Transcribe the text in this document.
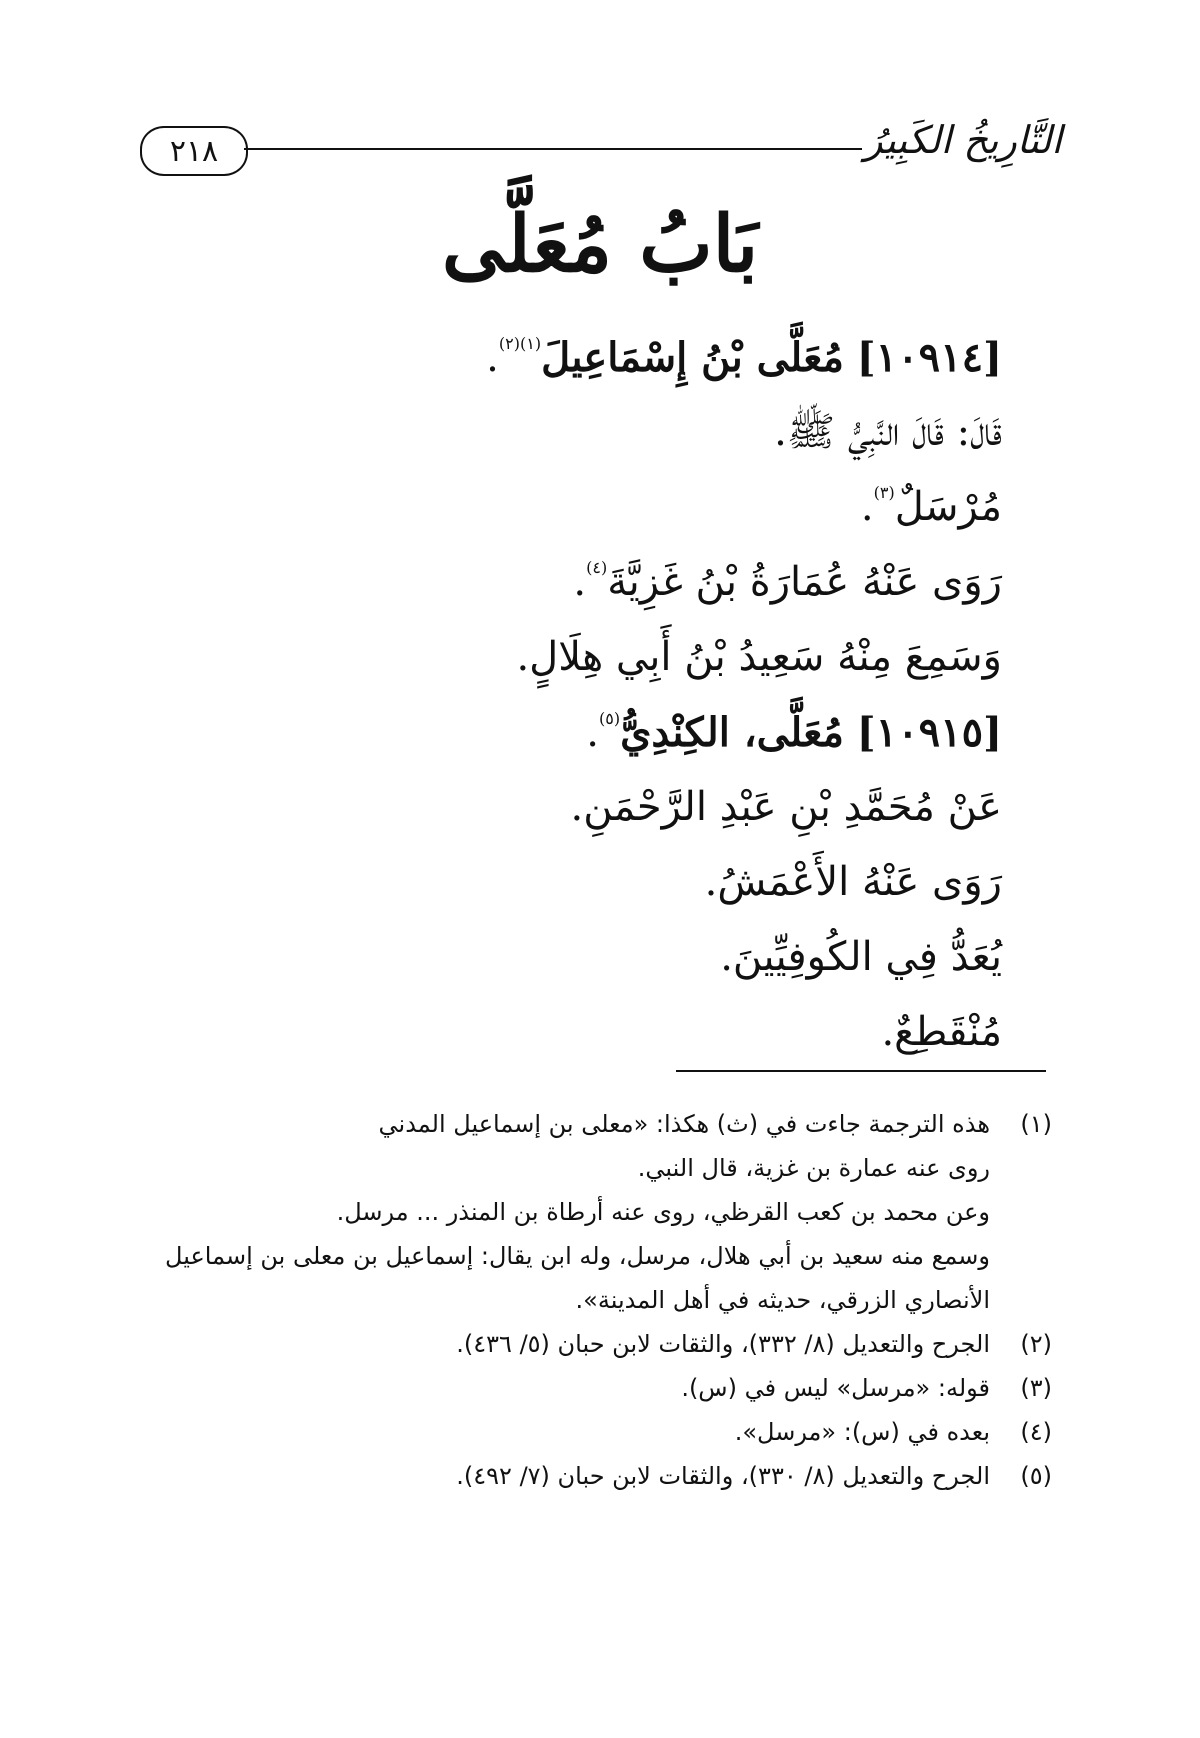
٢١٨	التَّارِيخُ الكَبِيرُ
بَابُ مُعَلَّى
[١٠٩١٤] مُعَلَّى بْنُ إِسْمَاعِيلَ$^{(١)(٢)}$.
قَالَ: قَالَ النَّبِيُّ ﷺ.
مُرْسَلٌ$^{(٣)}$.
رَوَى عَنْهُ عُمَارَةُ بْنُ غَزِيَّةَ$^{(٤)}$.
وَسَمِعَ مِنْهُ سَعِيدُ بْنُ أَبِي هِلَالٍ.
[١٠٩١٥] مُعَلَّى، الكِنْدِيُّ$^{(٥)}$.
عَنْ مُحَمَّدِ بْنِ عَبْدِ الرَّحْمَنِ.
رَوَى عَنْهُ الأَعْمَشُ.
يُعَدُّ فِي الكُوفِيِّينَ.
مُنْقَطِعٌ.
(١)
هذه الترجمة جاءت في (ث) هكذا: «معلى بن إسماعيل المدني
روى عنه عمارة بن غزية، قال النبي.
وعن محمد بن كعب القرظي، روى عنه أرطاة بن المنذر ... مرسل.
وسمع منه سعيد بن أبي هلال، مرسل، وله ابن يقال: إسماعيل بن معلى بن إسماعيل
الأنصاري الزرقي، حديثه في أهل المدينة».
(٢)
الجرح والتعديل (٨/ ٣٣٢)، والثقات لابن حبان (٥/ ٤٣٦).
(٣)
قوله: «مرسل» ليس في (س).
(٤)
بعده في (س): «مرسل».
(٥)
الجرح والتعديل (٨/ ٣٣٠)، والثقات لابن حبان (٧/ ٤٩٢).
